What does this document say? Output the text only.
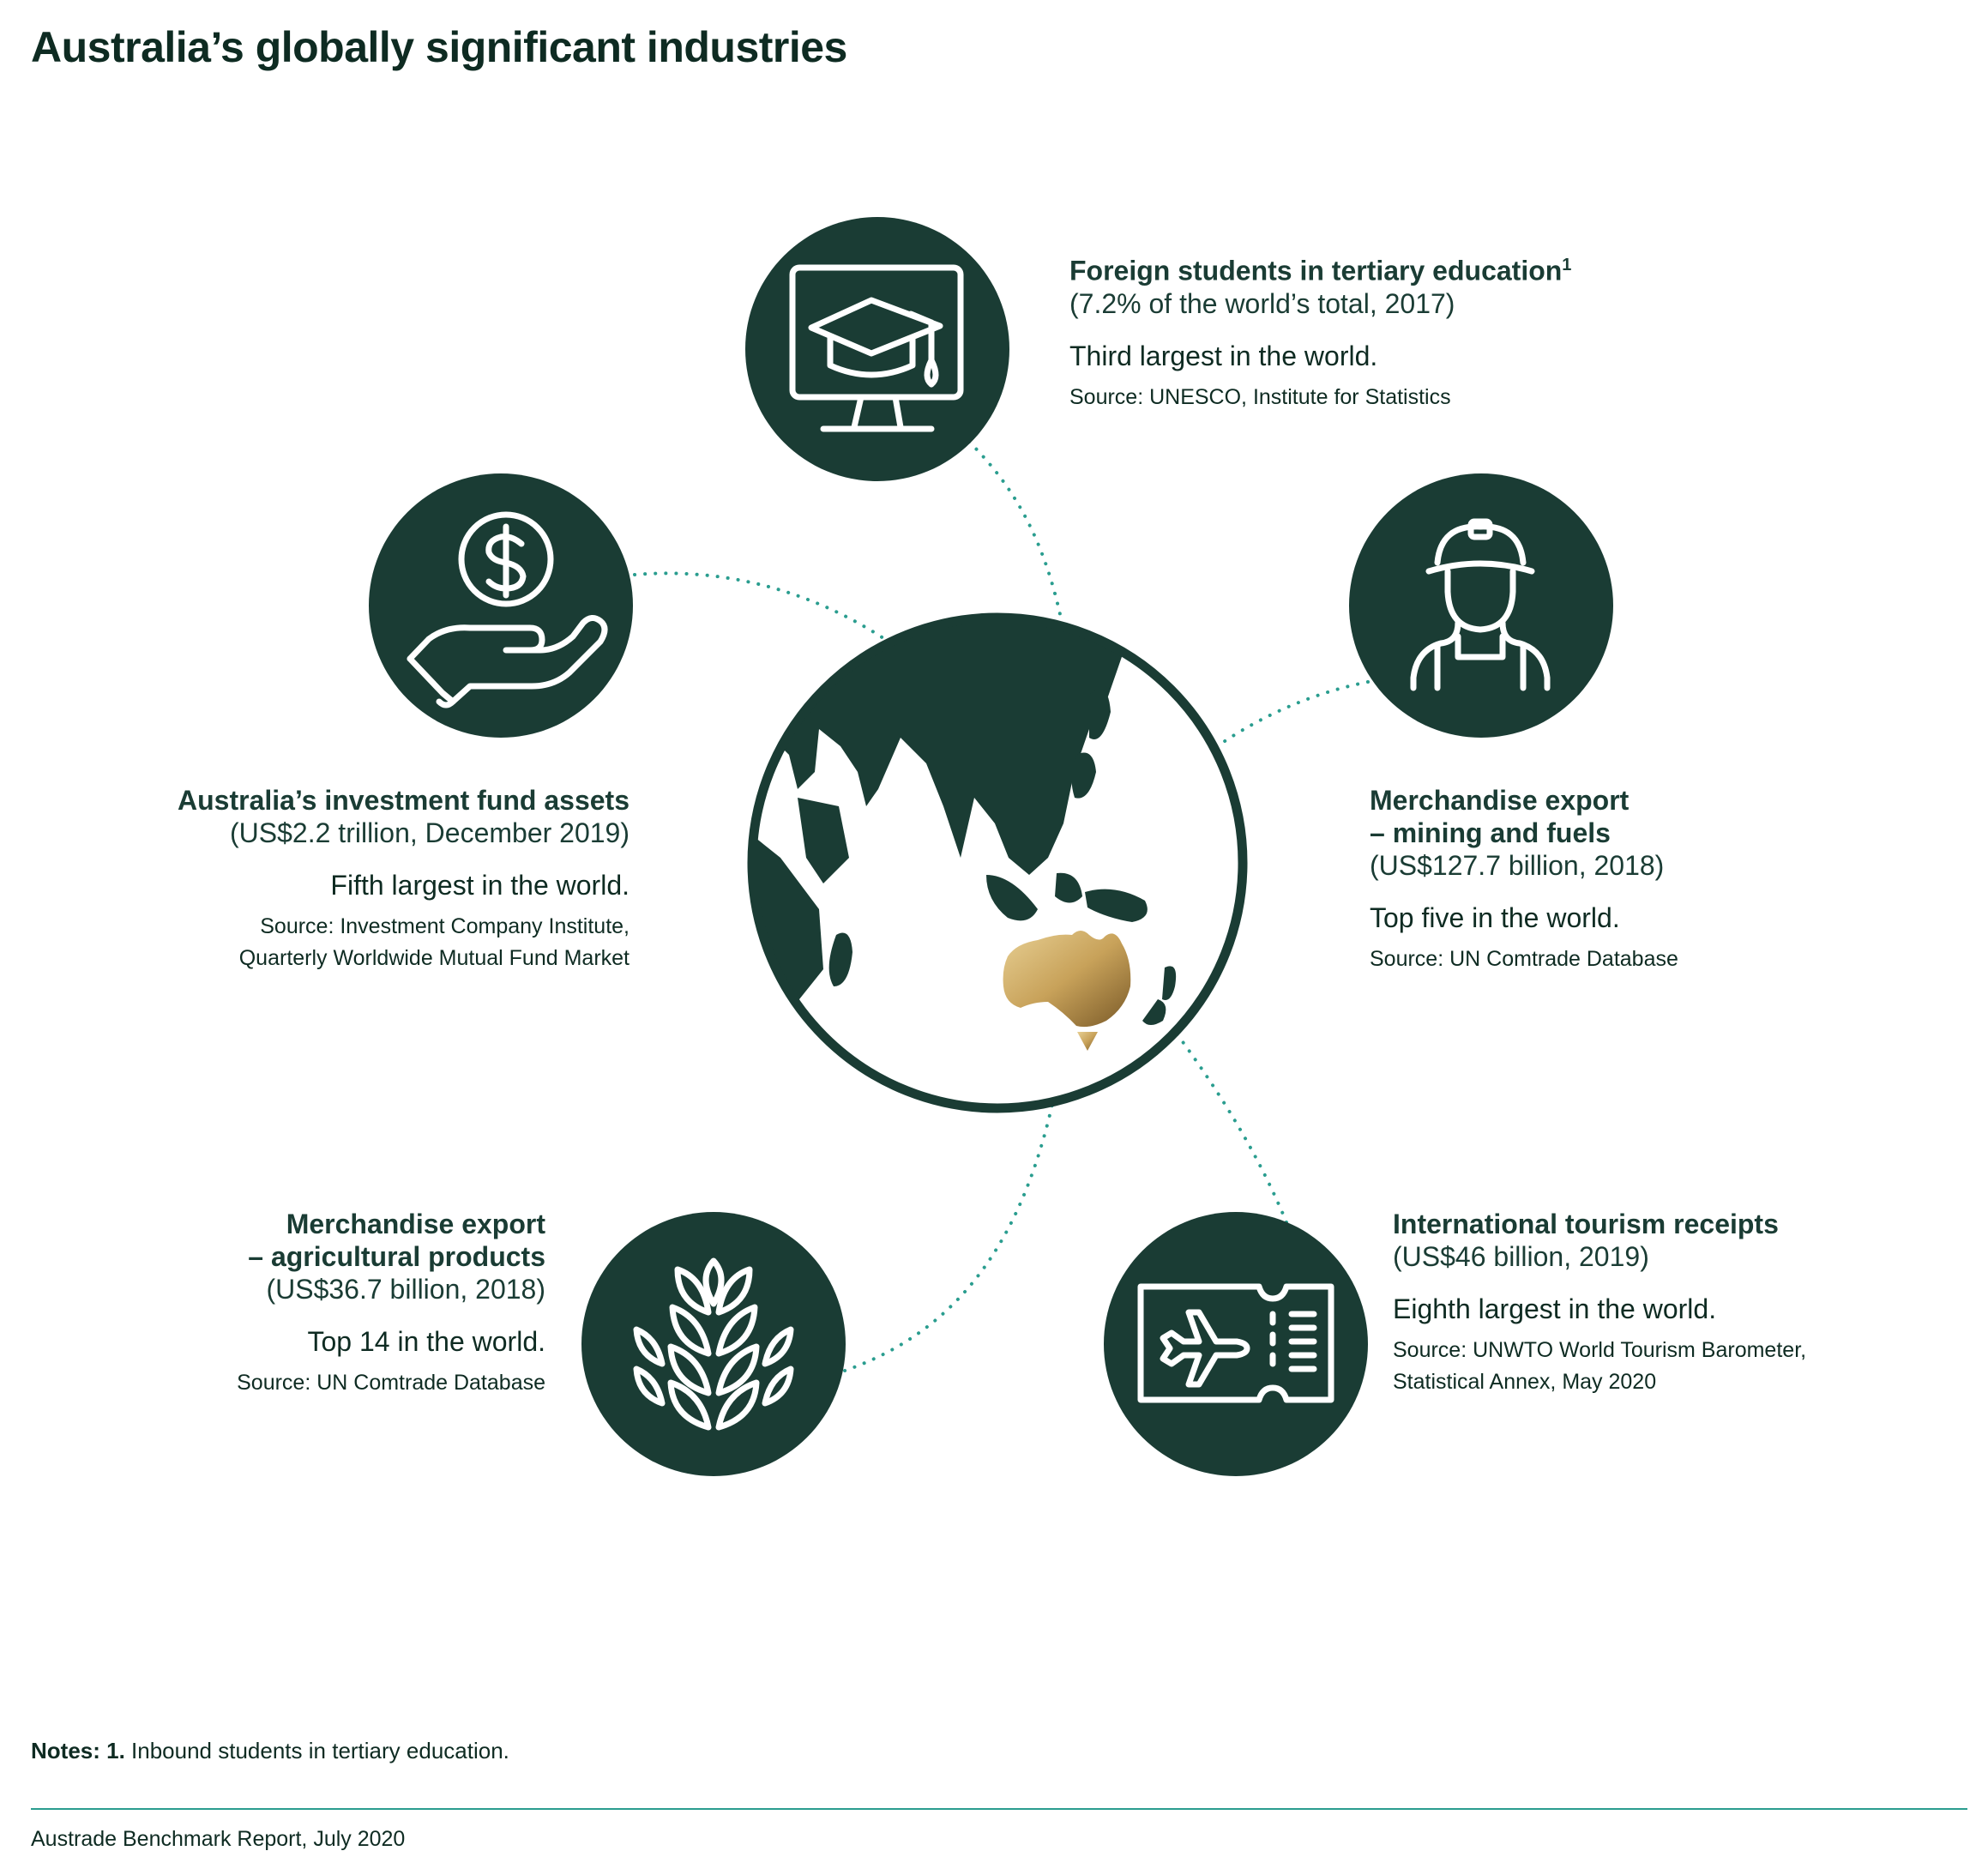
Australia’s globally significant industries
Foreign students in tertiary education$^1$
(7.2% of the world’s total, 2017)
Third largest in the world.
Source: UNESCO, Institute for Statistics
Australia’s investment fund assets
(US$2.2 trillion, December 2019)
Fifth largest in the world.
Source: Investment Company Institute,
Quarterly Worldwide Mutual Fund Market
Merchandise export
– mining and fuels
(US$127.7 billion, 2018)
Top five in the world.
Source: UN Comtrade Database
Merchandise export
– agricultural products
(US$36.7 billion, 2018)
Top 14 in the world.
Source: UN Comtrade Database
International tourism receipts
(US$46 billion, 2019)
Eighth largest in the world.
Source: UNWTO World Tourism Barometer,
Statistical Annex, May 2020
Notes: 1. Inbound students in tertiary education.
Austrade Benchmark Report, July 2020
